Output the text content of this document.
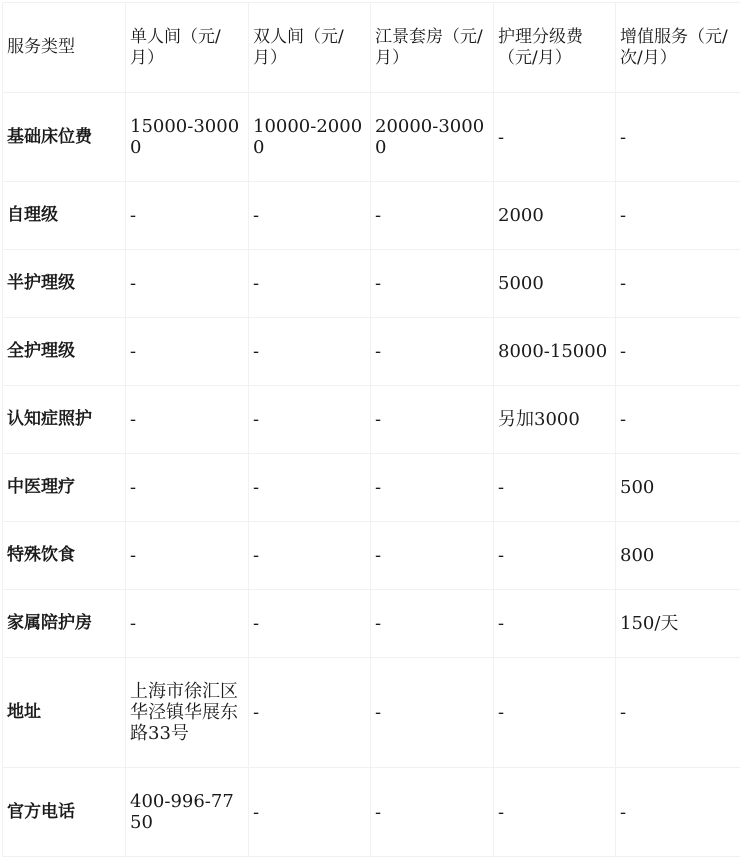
服务类型	单人间（元/月）	双人间（元/月）	江景套房（元/月）	护理分级费（元/月）	增值服务（元/次/月）
基础床位费	15000-30000	10000-20000	20000-30000	-	-
自理级	-	-	-	2000	-
半护理级	-	-	-	5000	-
全护理级	-	-	-	8000-15000	-
认知症照护	-	-	-	另加3000	-
中医理疗	-	-	-	-	500
特殊饮食	-	-	-	-	800
家属陪护房	-	-	-	-	150/天
地址	上海市徐汇区华泾镇华展东路33号	-	-	-	-
官方电话	400-996-7750	-	-	-	-
